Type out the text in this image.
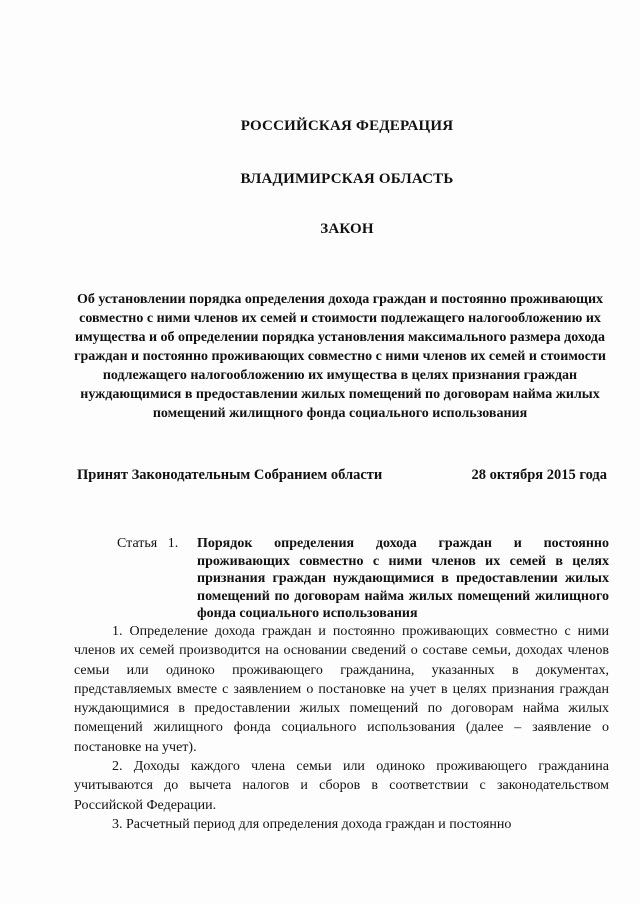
РОССИЙСКАЯ ФЕДЕРАЦИЯ
ВЛАДИМИРСКАЯ ОБЛАСТЬ
ЗАКОН
Об установлении порядка определения дохода граждан и постоянно проживающих совместно с ними членов их семей и стоимости подлежащего налогообложению их имущества и об определении порядка установления максимального размера дохода граждан и постоянно проживающих совместно с ними членов их семей и стоимости подлежащего налогообложению их имущества в целях признания граждан нуждающимися в предоставлении жилых помещений по договорам найма жилых помещений жилищного фонда социального использования
Принят Законодательным Собранием области	28 октября 2015 года
Статья   1.	Порядок определения дохода граждан и постоянно проживающих совместно с ними членов их семей в целях признания граждан нуждающимися в предоставлении жилых помещений по договорам найма жилых помещений жилищного фонда социального использования

1. Определение дохода граждан и постоянно проживающих совместно с ними членов их семей производится на основании сведений о составе семьи, доходах членов семьи или одиноко проживающего гражданина, указанных в документах, представляемых вместе с заявлением о постановке на учет в целях признания граждан нуждающимися в предоставлении жилых помещений по договорам найма жилых помещений жилищного фонда социального использования (далее – заявление о постановке на учет).

2. Доходы каждого члена семьи или одиноко проживающего гражданина учитываются до вычета налогов и сборов в соответствии с законодательством Российской Федерации.

3. Расчетный период для определения дохода граждан и постоянно
